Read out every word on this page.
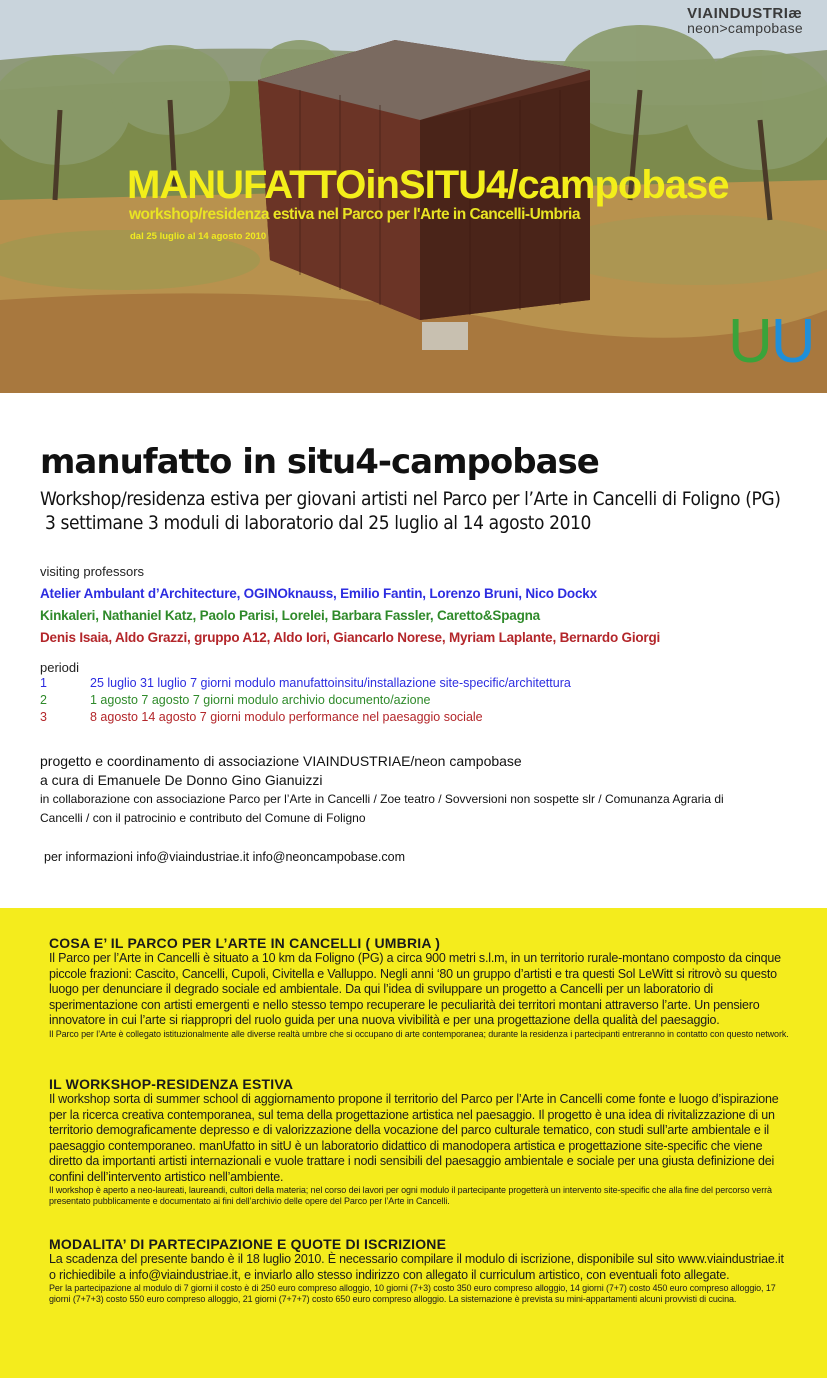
VIAINDUSTRIæ
neon>campobase
MANUFATTOinSITU4/campobase
workshop/residenza estiva nel Parco per l'Arte in Cancelli-Umbria
dal 25 luglio al 14 agosto 2010
UU
manufatto in situ4-campobase
Workshop/residenza estiva per giovani artisti nel Parco per l’Arte in Cancelli di Foligno (PG)
3 settimane 3 moduli di laboratorio dal 25 luglio al 14 agosto 2010
visiting professors
Atelier Ambulant d’Architecture, OGINOknauss, Emilio Fantin, Lorenzo Bruni, Nico Dockx
Kinkaleri, Nathaniel Katz, Paolo Parisi, Lorelei, Barbara Fassler, Caretto&Spagna
Denis Isaia, Aldo Grazzi, gruppo A12, Aldo Iori, Giancarlo Norese, Myriam Laplante, Bernardo Giorgi
periodi
1	25 luglio 31 luglio 7 giorni modulo manufattoinsitu/installazione site-specific/architettura
2	1 agosto 7 agosto 7 giorni modulo archivio documento/azione
3	8 agosto 14 agosto 7 giorni modulo performance nel paesaggio sociale
progetto e coordinamento di associazione VIAINDUSTRIAE/neon campobase
a cura di Emanuele De Donno Gino Gianuizzi
in collaborazione con associazione Parco per l’Arte in Cancelli / Zoe teatro / Sovversioni non sospette slr / Comunanza Agraria di
Cancelli / con il patrocinio e contributo del Comune di Foligno
per informazioni info@viaindustriae.it info@neoncampobase.com
COSA E’ IL PARCO PER L’ARTE IN CANCELLI ( UMBRIA )

Il Parco per l’Arte in Cancelli è situato a 10 km da Foligno (PG) a circa 900 metri s.l.m, in un territorio rurale-montano composto da cinque piccole frazioni: Cascito, Cancelli, Cupoli, Civitella e Valluppo. Negli anni ‘80 un gruppo d’artisti e tra questi Sol LeWitt si ritrovò su questo luogo per denunciare il degrado sociale ed ambientale. Da qui l’idea di sviluppare un progetto a Cancelli per un laboratorio di sperimentazione con artisti emergenti e nello stesso tempo recuperare le peculiarità dei territori montani attraverso l’arte. Un pensiero innovatore in cui l’arte si riappropri del ruolo guida per una nuova vivibilità e per una progettazione della qualità del paesaggio.

Il Parco per l’Arte è collegato istituzionalmente alle diverse realtà umbre che si occupano di arte contemporanea; durante la residenza i partecipanti entreranno in contatto con questo network.

IL WORKSHOP-RESIDENZA ESTIVA

Il workshop sorta di summer school di aggiornamento propone il territorio del Parco per l’Arte in Cancelli come fonte e luogo d’ispirazione per la ricerca creativa contemporanea, sul tema della progettazione artistica nel paesaggio. Il progetto è una idea di rivitalizzazione di un territorio demograficamente depresso e di valorizzazione della vocazione del parco culturale tematico, con studi sull’arte ambientale e il paesaggio contemporaneo. manUfatto in sitU è un laboratorio didattico di manodopera artistica e progettazione site-specific che viene diretto da importanti artisti internazionali e vuole trattare i nodi sensibili del paesaggio ambientale e sociale per una giusta definizione dei confini dell’intervento artistico nell’ambiente.

Il workshop è aperto a neo-laureati, laureandi, cultori della materia; nel corso dei lavori per ogni modulo il partecipante progetterà un intervento site-specific che alla fine del percorso verrà presentato pubblicamente e documentato ai fini dell’archivio delle opere del Parco per l’Arte in Cancelli.

MODALITA’ DI PARTECIPAZIONE E QUOTE DI ISCRIZIONE

La scadenza del presente bando è il 18 luglio 2010. È necessario compilare il modulo di iscrizione, disponibile sul sito www.viaindustriae.it o richiedibile a info@viaindustriae.it, e inviarlo allo stesso indirizzo con allegato il curriculum artistico, con eventuali foto allegate.

Per la partecipazione al modulo di 7 giorni il costo è di 250 euro compreso alloggio, 10 giorni (7+3) costo 350 euro compreso alloggio, 14 giorni (7+7) costo 450 euro compreso alloggio, 17 giorni (7+7+3) costo 550 euro compreso alloggio, 21 giorni (7+7+7) costo 650 euro compreso alloggio. La sistemazione è prevista su mini-appartamenti alcuni provvisti di cucina.
